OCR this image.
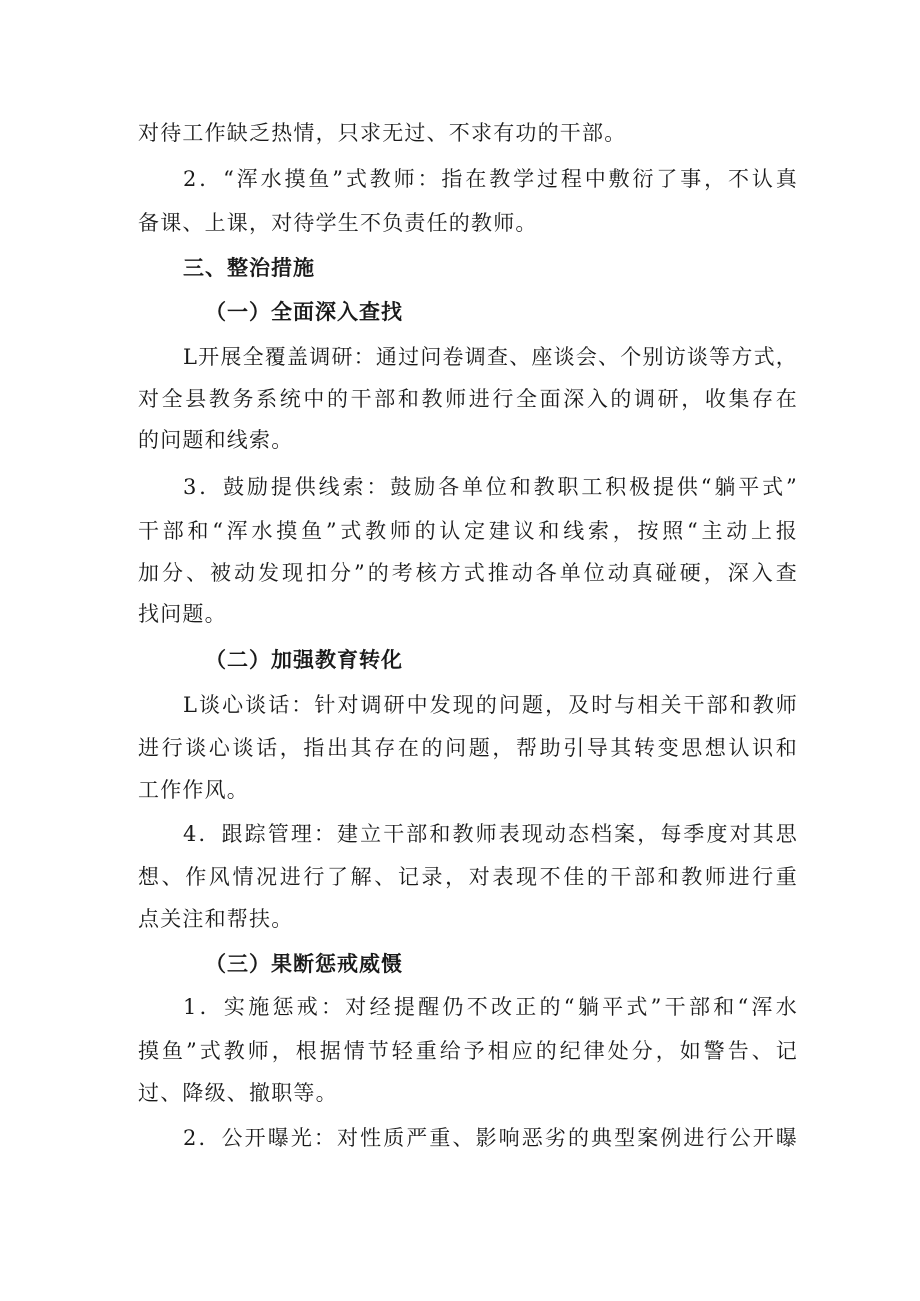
对待工作缺乏热情，只求无过、不求有功的干部。
2．“浑水摸鱼”式教师：指在教学过程中敷衍了事，不认真
备课、上课，对待学生不负责任的教师。
三、整治措施
（一）全面深入查找
L开展全覆盖调研：通过问卷调查、座谈会、个别访谈等方式，
对全县教务系统中的干部和教师进行全面深入的调研，收集存在
的问题和线索。
3．鼓励提供线索：鼓励各单位和教职工积极提供“躺平式”
干部和“浑水摸鱼”式教师的认定建议和线索，按照“主动上报
加分、被动发现扣分”的考核方式推动各单位动真碰硬，深入查
找问题。
（二）加强教育转化
L谈心谈话：针对调研中发现的问题，及时与相关干部和教师
进行谈心谈话，指出其存在的问题，帮助引导其转变思想认识和
工作作风。
4．跟踪管理：建立干部和教师表现动态档案，每季度对其思
想、作风情况进行了解、记录，对表现不佳的干部和教师进行重
点关注和帮扶。
（三）果断惩戒威慑
1．实施惩戒：对经提醒仍不改正的“躺平式”干部和“浑水
摸鱼”式教师，根据情节轻重给予相应的纪律处分，如警告、记
过、降级、撤职等。
2．公开曝光：对性质严重、影响恶劣的典型案例进行公开曝
